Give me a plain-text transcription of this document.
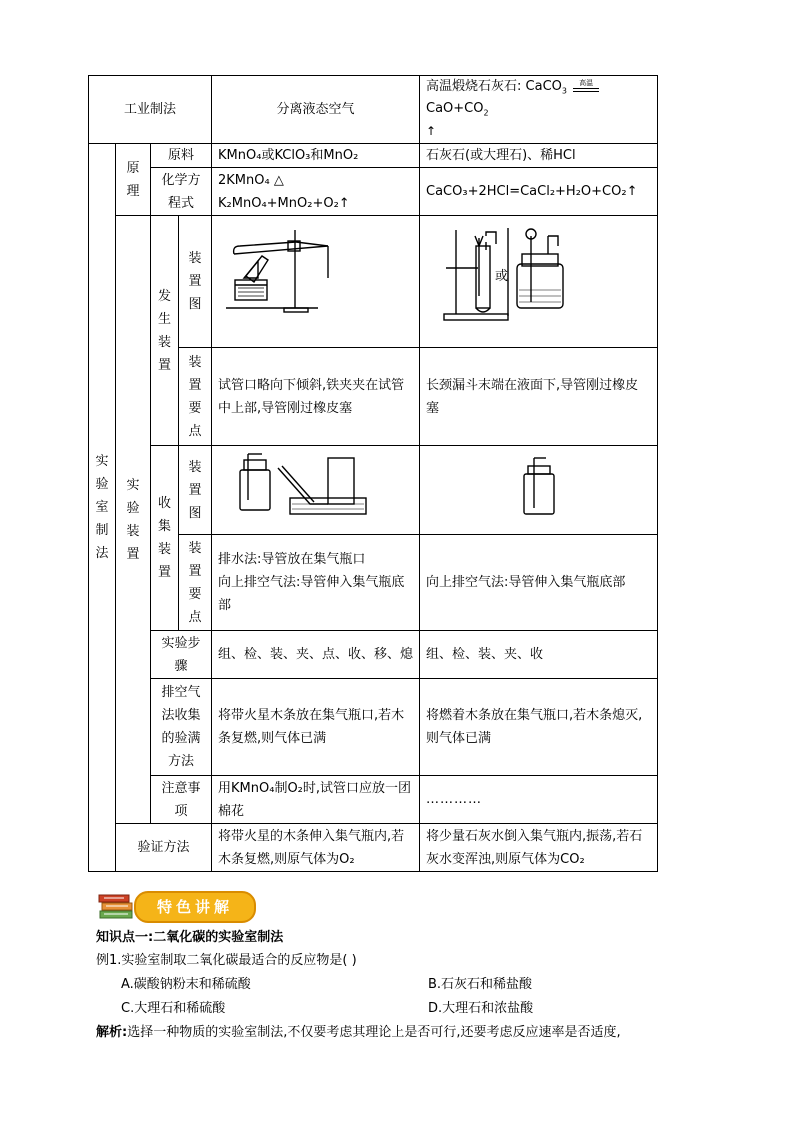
工业制法				分离液态空气	高温煅烧石灰石: CaCO$_3$
高温
$CaO+CO_2$
↑

实验室制法	原理	原料		KMnO₄或KClO₃和MnO₂	石灰石(或大理石)、稀HCl
		化学方程式		2KMnO₄ △ K₂MnO₄+MnO₂+O₂↑	CaCO₃+2HCl=CaCl₂+H₂O+CO₂↑

	实验装置	发生装置	装置图		或

			装置要点	试管口略向下倾斜,铁夹夹在试管中上部,导管刚过橡皮塞	长颈漏斗末端在液面下,导管刚过橡皮塞

		收集装置	装置图

			装置要点	排水法:导管放在集气瓶口
向上排空气法:导管伸入集气瓶底部	向上排空气法:导管伸入集气瓶底部
		实验步骤		组、检、装、夹、点、收、移、熄	组、检、装、夹、收
		排空气法收集的验满方法		将带火星木条放在集气瓶口,若木条复燃,则气体已满	将燃着木条放在集气瓶口,若木条熄灭,则气体已满
		注意事项		用KMnO₄制O₂时,试管口应放一团棉花	…………
	验证方法			将带火星的木条伸入集气瓶内,若木条复燃,则原气体为O₂	将少量石灰水倒入集气瓶内,振荡,若石灰水变浑浊,则原气体为CO₂
特色讲解
知识点一:二氧化碳的实验室制法
例1.实验室制取二氧化碳最适合的反应物是( )
A.碳酸钠粉末和稀硫酸	B.石灰石和稀盐酸
C.大理石和稀硫酸	D.大理石和浓盐酸
解析:选择一种物质的实验室制法,不仅要考虑其理论上是否可行,还要考虑反应速率是否适度,
